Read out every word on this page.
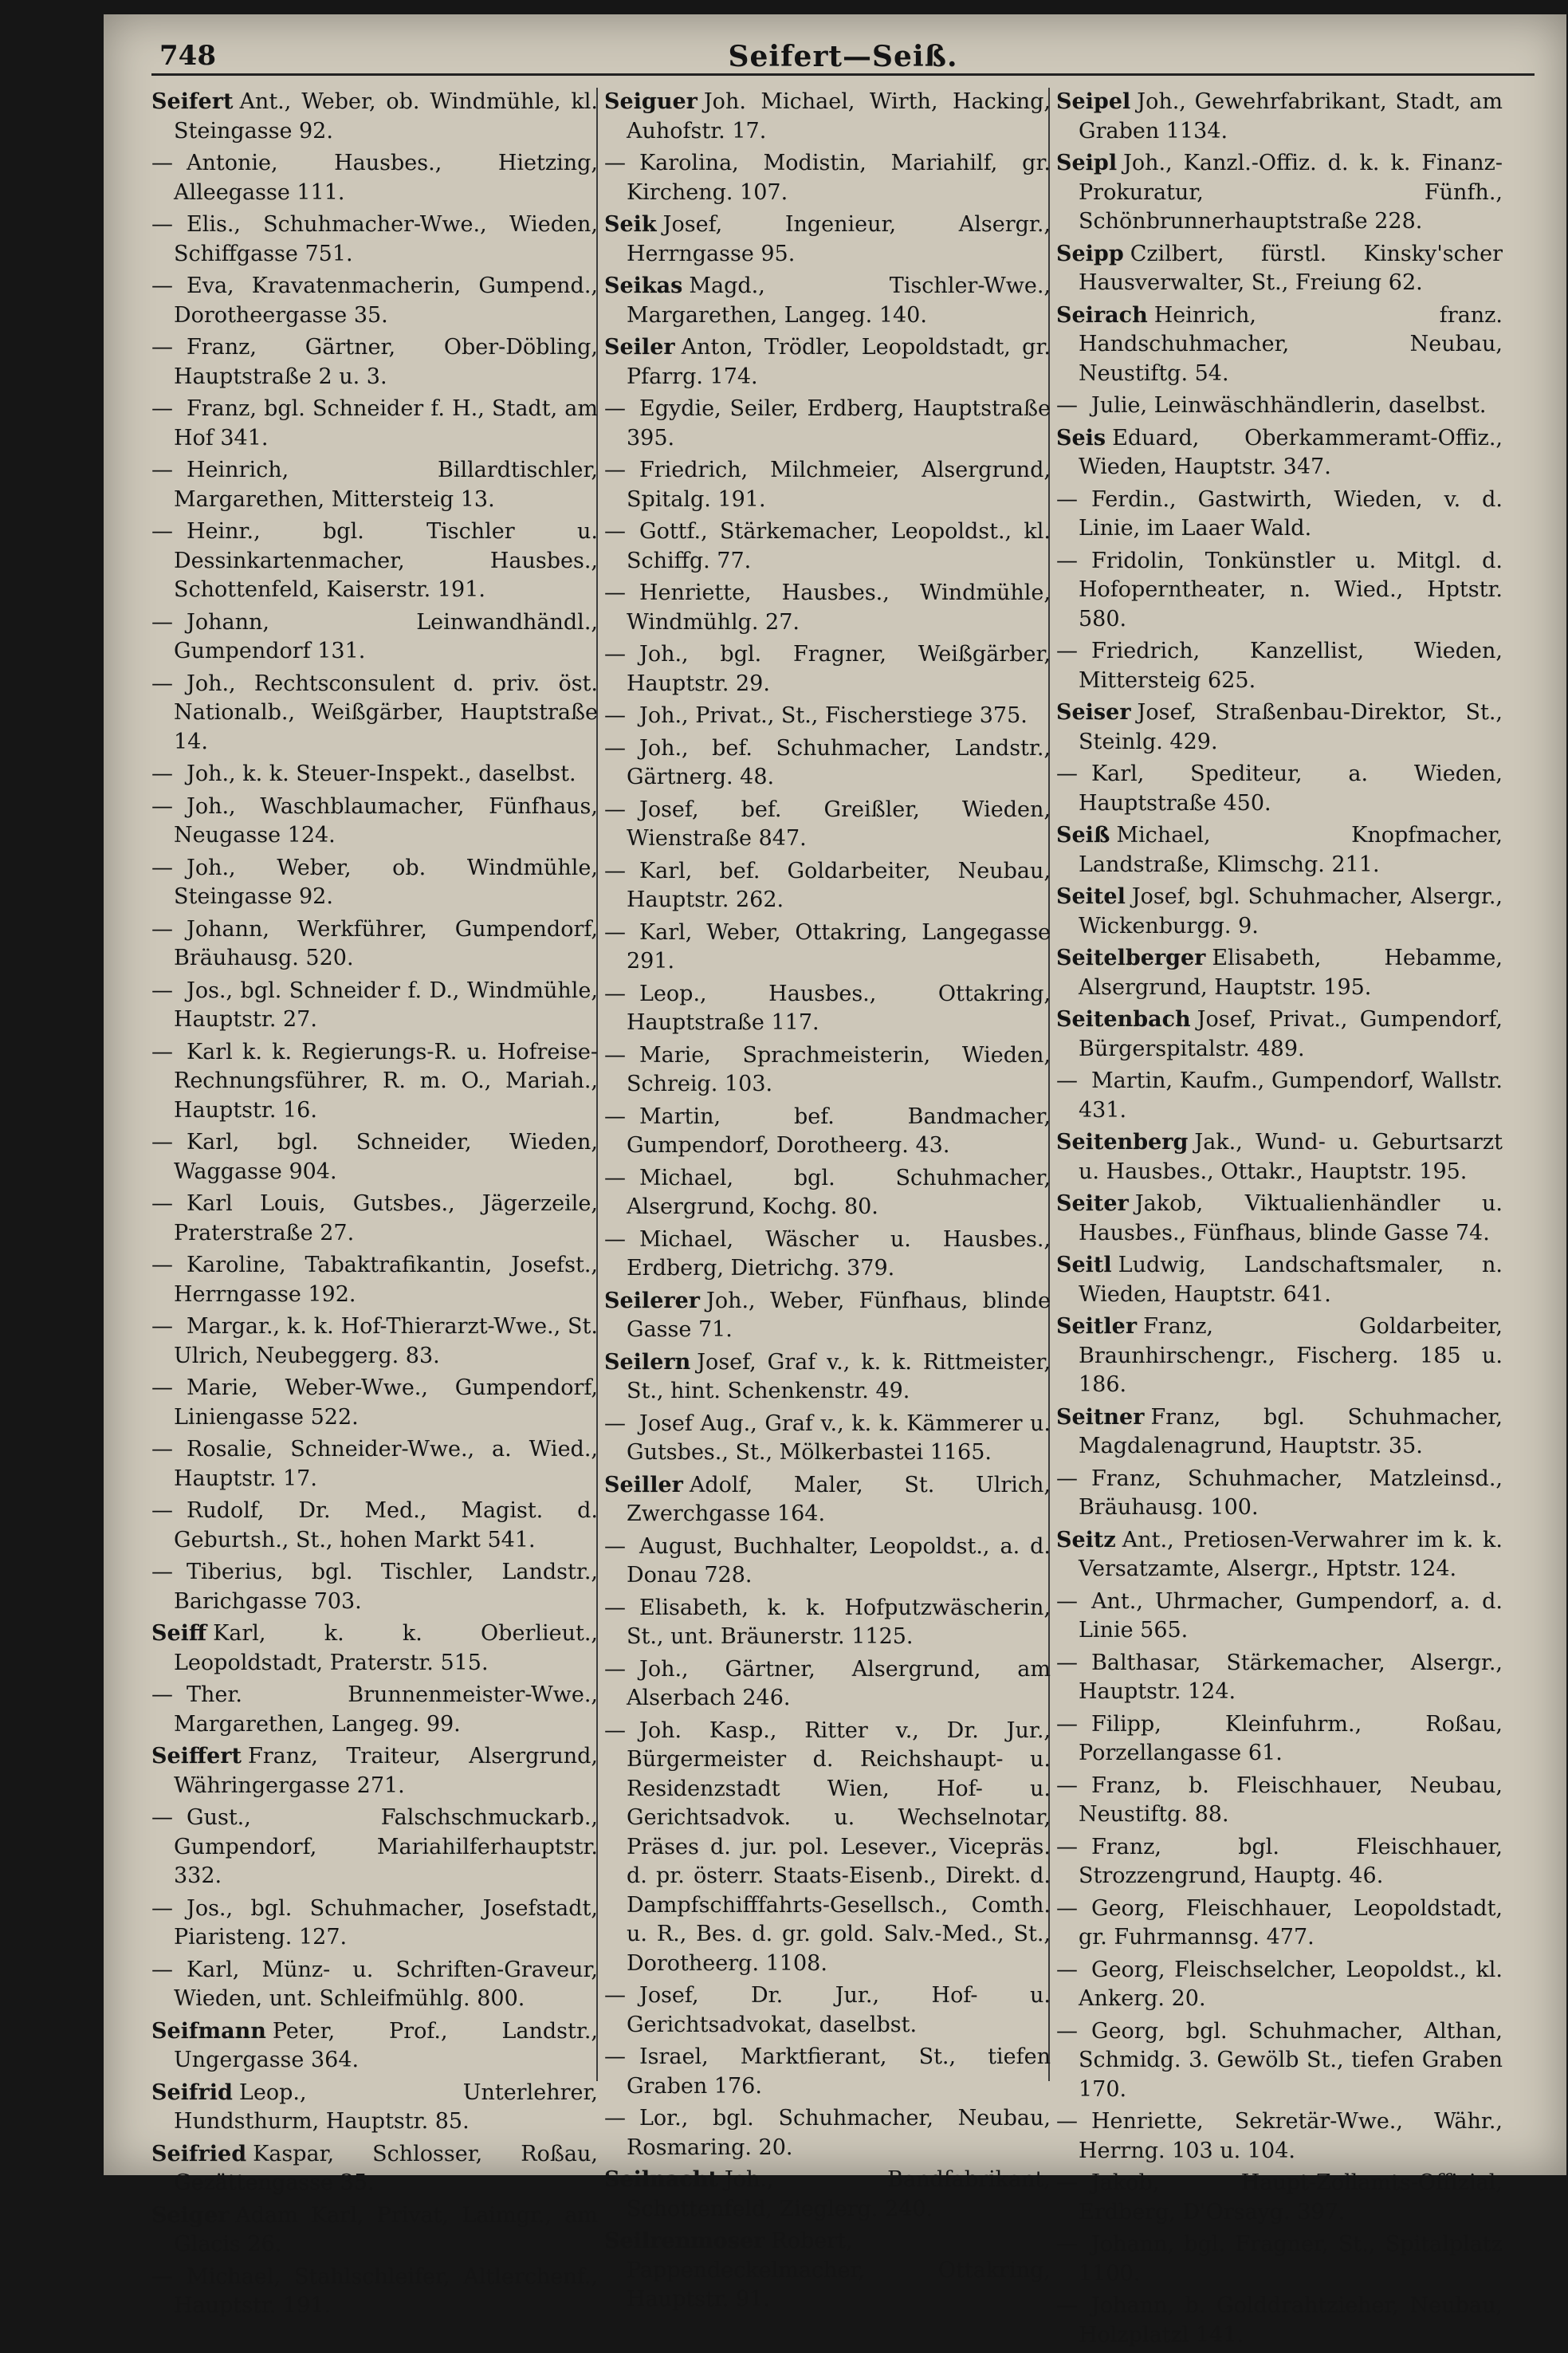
748	Seifert—Seiß.

Seifert Ant., Weber, ob. Windmühle, kl. Steingasse 92.

— Antonie, Hausbes., Hietzing, Alleegasse 111.

— Elis., Schuhmacher-Wwe., Wieden, Schiffgasse 751.

— Eva, Kravatenmacherin, Gumpend., Dorotheergasse 35.

— Franz, Gärtner, Ober-Döbling, Hauptstraße 2 u. 3.

— Franz, bgl. Schneider f. H., Stadt, am Hof 341.

— Heinrich, Billardtischler, Margarethen, Mittersteig 13.

— Heinr., bgl. Tischler u. Dessinkartenmacher, Hausbes., Schottenfeld, Kaiserstr. 191.

— Johann, Leinwandhändl., Gumpendorf 131.

— Joh., Rechtsconsulent d. priv. öst. Nationalb., Weißgärber, Hauptstraße 14.

— Joh., k. k. Steuer-Inspekt., daselbst.

— Joh., Waschblaumacher, Fünfhaus, Neugasse 124.

— Joh., Weber, ob. Windmühle, Steingasse 92.

— Johann, Werkführer, Gumpendorf, Bräuhausg. 520.

— Jos., bgl. Schneider f. D., Windmühle, Hauptstr. 27.

— Karl k. k. Regierungs-R. u. Hofreise-Rechnungsführer, R. m. O., Mariah., Hauptstr. 16.

— Karl, bgl. Schneider, Wieden, Waggasse 904.

— Karl Louis, Gutsbes., Jägerzeile, Praterstraße 27.

— Karoline, Tabaktrafikantin, Josefst., Herrngasse 192.

— Margar., k. k. Hof-Thierarzt-Wwe., St. Ulrich, Neubeggerg. 83.

— Marie, Weber-Wwe., Gumpendorf, Liniengasse 522.

— Rosalie, Schneider-Wwe., a. Wied., Hauptstr. 17.

— Rudolf, Dr. Med., Magist. d. Geburtsh., St., hohen Markt 541.

— Tiberius, bgl. Tischler, Landstr., Barichgasse 703.

Seiff Karl, k. k. Oberlieut., Leopoldstadt, Praterstr. 515.

— Ther. Brunnenmeister-Wwe., Margarethen, Langeg. 99.

Seiffert Franz, Traiteur, Alsergrund, Währingergasse 271.

— Gust., Falschschmuckarb., Gumpendorf, Mariahilferhauptstr. 332.

— Jos., bgl. Schuhmacher, Josefstadt, Piaristeng. 127.

— Karl, Münz- u. Schriften-Graveur, Wieden, unt. Schleifmühlg. 800.

Seifmann Peter, Prof., Landstr., Ungergasse 364.

Seifrid Leop., Unterlehrer, Hundsthurm, Hauptstr. 85.

Seifried Kaspar, Schlosser, Roßau, Gezättengasse 35.

Seiger Adam Karl, Privat, Laimgr., am Glacis 26.

— Michael, Stahlschleifer, Altlerchenf., Hauptstr. 191.

Seiguer Joh. Michael, Wirth, Hacking, Auhofstr. 17.

— Karolina, Modistin, Mariahilf, gr. Kircheng. 107.

Seik Josef, Ingenieur, Alsergr., Herrngasse 95.

Seikas Magd., Tischler-Wwe., Margarethen, Langeg. 140.

Seiler Anton, Trödler, Leopoldstadt, gr. Pfarrg. 174.

— Egydie, Seiler, Erdberg, Hauptstraße 395.

— Friedrich, Milchmeier, Alsergrund, Spitalg. 191.

— Gottf., Stärkemacher, Leopoldst., kl. Schiffg. 77.

— Henriette, Hausbes., Windmühle, Windmühlg. 27.

— Joh., bgl. Fragner, Weißgärber, Hauptstr. 29.

— Joh., Privat., St., Fischerstiege 375.

— Joh., bef. Schuhmacher, Landstr., Gärtnerg. 48.

— Josef, bef. Greißler, Wieden, Wienstraße 847.

— Karl, bef. Goldarbeiter, Neubau, Hauptstr. 262.

— Karl, Weber, Ottakring, Langegasse 291.

— Leop., Hausbes., Ottakring, Hauptstraße 117.

— Marie, Sprachmeisterin, Wieden, Schreig. 103.

— Martin, bef. Bandmacher, Gumpendorf, Dorotheerg. 43.

— Michael, bgl. Schuhmacher, Alsergrund, Kochg. 80.

— Michael, Wäscher u. Hausbes., Erdberg, Dietrichg. 379.

Seilerer Joh., Weber, Fünfhaus, blinde Gasse 71.

Seilern Josef, Graf v., k. k. Rittmeister, St., hint. Schenkenstr. 49.

— Josef Aug., Graf v., k. k. Kämmerer u. Gutsbes., St., Mölkerbastei 1165.

Seiller Adolf, Maler, St. Ulrich, Zwerchgasse 164.

— August, Buchhalter, Leopoldst., a. d. Donau 728.

— Elisabeth, k. k. Hofputzwäscherin, St., unt. Bräunerstr. 1125.

— Joh., Gärtner, Alsergrund, am Alserbach 246.

— Joh. Kasp., Ritter v., Dr. Jur., Bürgermeister d. Reichshaupt- u. Residenzstadt Wien, Hof- u. Gerichtsadvok. u. Wechselnotar, Präses d. jur. pol. Lesever., Vicepräs. d. pr. österr. Staats-Eisenb., Direkt. d. Dampfschifffahrts-Gesellsch., Comth. u. R., Bes. d. gr. gold. Salv.-Med., St., Dorotheerg. 1108.

— Josef, Dr. Jur., Hof- u. Gerichtsadvokat, daselbst.

— Israel, Marktfierant, St., tiefen Graben 176.

— Lor., bgl. Schuhmacher, Neubau, Rosmaring. 20.

Seilnacht Joh., Bandfabrikant, Schottenfeld, Zieglerg. 240.

Seilrenmoser Robert, Pappendeckelmacher, Ottakring, Hauptstr. 91.

Seipel Joh., Gewehrfabrikant, Stadt, am Graben 1134.

Seipl Joh., Kanzl.-Offiz. d. k. k. Finanz-Prokuratur, Fünfh., Schönbrunnerhauptstraße 228.

Seipp Czilbert, fürstl. Kinsky'scher Hausverwalter, St., Freiung 62.

Seirach Heinrich, franz. Handschuhmacher, Neubau, Neustiftg. 54.

— Julie, Leinwäschhändlerin, daselbst.

Seis Eduard, Oberkammeramt-Offiz., Wieden, Hauptstr. 347.

— Ferdin., Gastwirth, Wieden, v. d. Linie, im Laaer Wald.

— Fridolin, Tonkünstler u. Mitgl. d. Hofoperntheater, n. Wied., Hptstr. 580.

— Friedrich, Kanzellist, Wieden, Mittersteig 625.

Seiser Josef, Straßenbau-Direktor, St., Steinlg. 429.

— Karl, Spediteur, a. Wieden, Hauptstraße 450.

Seiß Michael, Knopfmacher, Landstraße, Klimschg. 211.

Seitel Josef, bgl. Schuhmacher, Alsergr., Wickenburgg. 9.

Seitelberger Elisabeth, Hebamme, Alsergrund, Hauptstr. 195.

Seitenbach Josef, Privat., Gumpendorf, Bürgerspitalstr. 489.

— Martin, Kaufm., Gumpendorf, Wallstr. 431.

Seitenberg Jak., Wund- u. Geburtsarzt u. Hausbes., Ottakr., Hauptstr. 195.

Seiter Jakob, Viktualienhändler u. Hausbes., Fünfhaus, blinde Gasse 74.

Seitl Ludwig, Landschaftsmaler, n. Wieden, Hauptstr. 641.

Seitler Franz, Goldarbeiter, Braunhirschengr., Fischerg. 185 u. 186.

Seitner Franz, bgl. Schuhmacher, Magdalenagrund, Hauptstr. 35.

— Franz, Schuhmacher, Matzleinsd., Bräuhausg. 100.

Seitz Ant., Pretiosen-Verwahrer im k. k. Versatzamte, Alsergr., Hptstr. 124.

— Ant., Uhrmacher, Gumpendorf, a. d. Linie 565.

— Balthasar, Stärkemacher, Alsergr., Hauptstr. 124.

— Filipp, Kleinfuhrm., Roßau, Porzellangasse 61.

— Franz, b. Fleischhauer, Neubau, Neustiftg. 88.

— Franz, bgl. Fleischhauer, Strozzengrund, Hauptg. 46.

— Georg, Fleischhauer, Leopoldstadt, gr. Fuhrmannsg. 477.

— Georg, Fleischselcher, Leopoldst., kl. Ankerg. 20.

— Georg, bgl. Schuhmacher, Althan, Schmidg. 3. Gewölb St., tiefen Graben 170.

— Henriette, Sekretär-Wwe., Währ., Herrng. 103 u. 104.

— Jakob, Haupt-Zollamts-Offizial, Erdberg, D'Orsayg. 397.

— Johann, bgl. Fragner, St., Spitalplatz 1100.

— Johann, b. Golddrahtzieher, Neubau, Holzplatzl 141.
